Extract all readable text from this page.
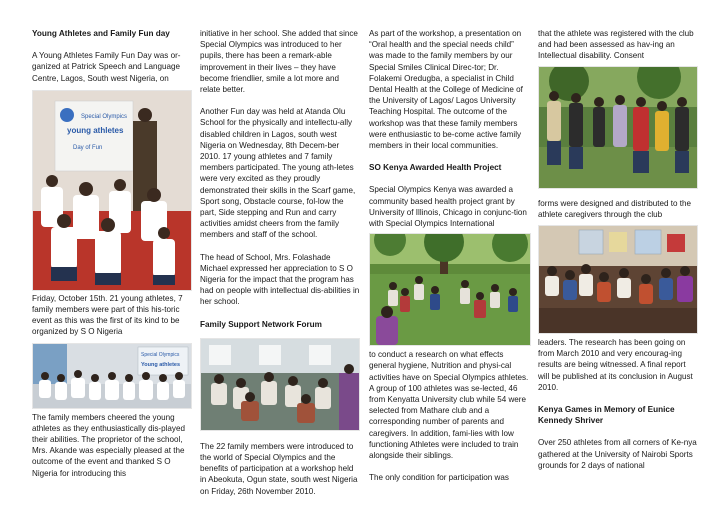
Young Athletes and Family Fun day

A Young Athletes Family Fun Day was or-ganized at Patrick Speech and Language Centre, Lagos, South west Nigeria, on

Special Olympics
young athletes
Day of Fun

Friday, October 15th. 21 young athletes, 7 family members were part of this his-toric event as this was the first of its kind to be organized by S O Nigeria

Special Olympics
Young athletes

The family members cheered the young athletes as they enthusiastically dis-played their abilities. The proprietor of the school, Mrs. Akande was especially pleased at the outcome of the event and thanked S O Nigeria for introducing this

initiative in her school. She added that since Special Olympics was introduced to her pupils, there has been a remark-able improvement in their lives – they have become friendlier, smile a lot more and relate better.

Another Fun day was held at Atanda Olu School for the physically and intellectu-ally disabled children in Lagos, south west Nigeria on Wednesday, 8th Decem-ber 2010. 17 young athletes and 7 family members participated. The young ath-letes were very excited as they proudly demonstrated their skills in the Scarf game, Sport song, Obstacle course, fol-low the part, Side stepping and Run and carry activities amidst cheers from the family members and staff of the school.

The head of School, Mrs. Folashade Michael expressed her appreciation to S O Nigeria for the impact that the program has had on people with intellectual dis-abilities in her school.

Family Support Network Forum

The 22 family members were introduced to the world of Special Olympics and the benefits of participation at a workshop held in Abeokuta, Ogun state, south west Nigeria on Friday, 26th November 2010.

As part of the workshop, a presentation on “Oral health and the special needs child” was made to the family members by our Special Smiles Clinical Direc-tor; Dr. Folakemi Oredugba, a specialist in Child Dental Health at the College of Medicine of the University of Lagos/ Lagos University Teaching Hospital. The outcome of the workshop was that these family members were enthusiastic to be-come active family members in their local communities.

SO Kenya Awarded Health Project

Special Olympics Kenya was awarded a community based health project grant by University of Illinois, Chicago in conjunc-tion with Special Olympics International

to conduct a research on what effects general hygiene, Nutrition and physi-cal activities have on Special Olympics athletes. A group of 100 athletes was se-lected, 46 from Kenyatta University club while 54 were selected from Mathare club and a corresponding number of parents and caregivers. In addition, fami-lies with low functioning Athletes were included to train alongside their siblings.

The only condition for participation was

that the athlete was registered with the club and had been assessed as hav-ing an Intellectual disability. Consent

forms were designed and distributed to the athlete caregivers through the club

leaders. The research has been going on from March 2010 and very encourag-ing results are being witnessed. A final report will be published at its conclusion in August 2010.

Kenya Games in Memory of Eunice Kennedy Shriver

Over 250 athletes from all corners of Ke-nya gathered at the University of Nairobi Sports grounds for 2 days of national
